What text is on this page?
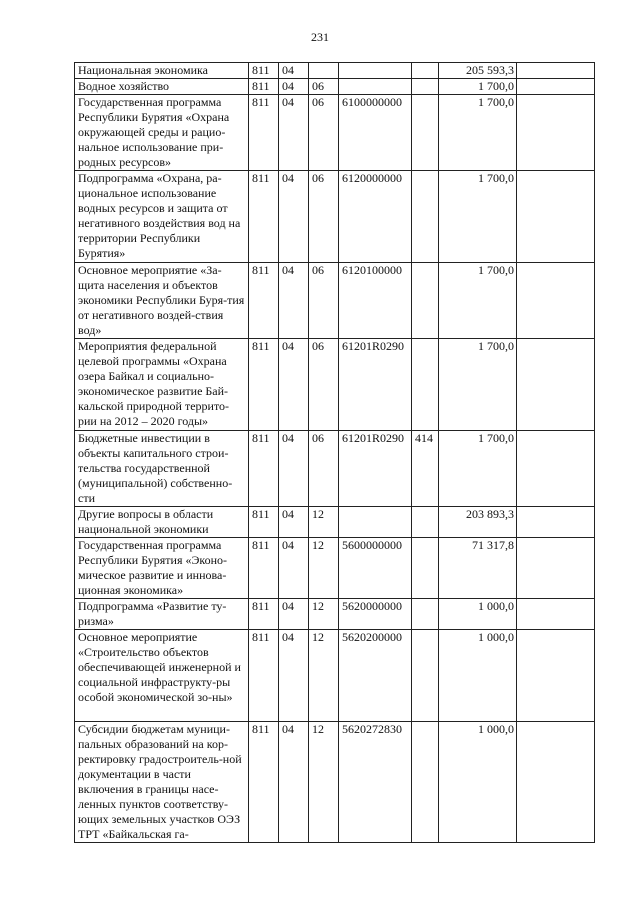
231
Национальная экономика	811	04				205 593,3	
Водное хозяйство	811	04	06			1 700,0	
Государственная программа Республики Бурятия «Охрана окружающей среды и рацио-нальное использование при-родных ресурсов»	811	04	06	6100000000		1 700,0	
Подпрограмма «Охрана, ра-циональное использование водных ресурсов и защита от негативного воздействия вод на территории Республики Бурятия»	811	04	06	6120000000		1 700,0	
Основное мероприятие «За-щита населения и объектов экономики Республики Буря-тия от негативного воздей-ствия вод»	811	04	06	6120100000		1 700,0	
Мероприятия федеральной целевой программы «Охрана озера Байкал и социально-экономическое развитие Бай-кальской природной террито-рии на 2012 – 2020 годы»	811	04	06	61201R0290		1 700,0	
Бюджетные инвестиции в объекты капитального строи-тельства государственной (муниципальной) собственно-сти	811	04	06	61201R0290	414	1 700,0	
Другие вопросы в области национальной экономики	811	04	12			203 893,3	
Государственная программа Республики Бурятия «Эконо-мическое развитие и иннова-ционная экономика»	811	04	12	5600000000		71 317,8	
Подпрограмма «Развитие ту-ризма»	811	04	12	5620000000		1 000,0	
Основное мероприятие «Строительство объектов обеспечивающей инженерной и социальной инфраструкту-ры особой экономической зо-ны»	811	04	12	5620200000		1 000,0	
Субсидии бюджетам муници-пальных образований на кор-ректировку градостроитель-ной документации в части включения в границы насе-ленных пунктов соответству-ющих земельных участков ОЭЗ ТРТ «Байкальская га-	811	04	12	5620272830		1 000,0	
